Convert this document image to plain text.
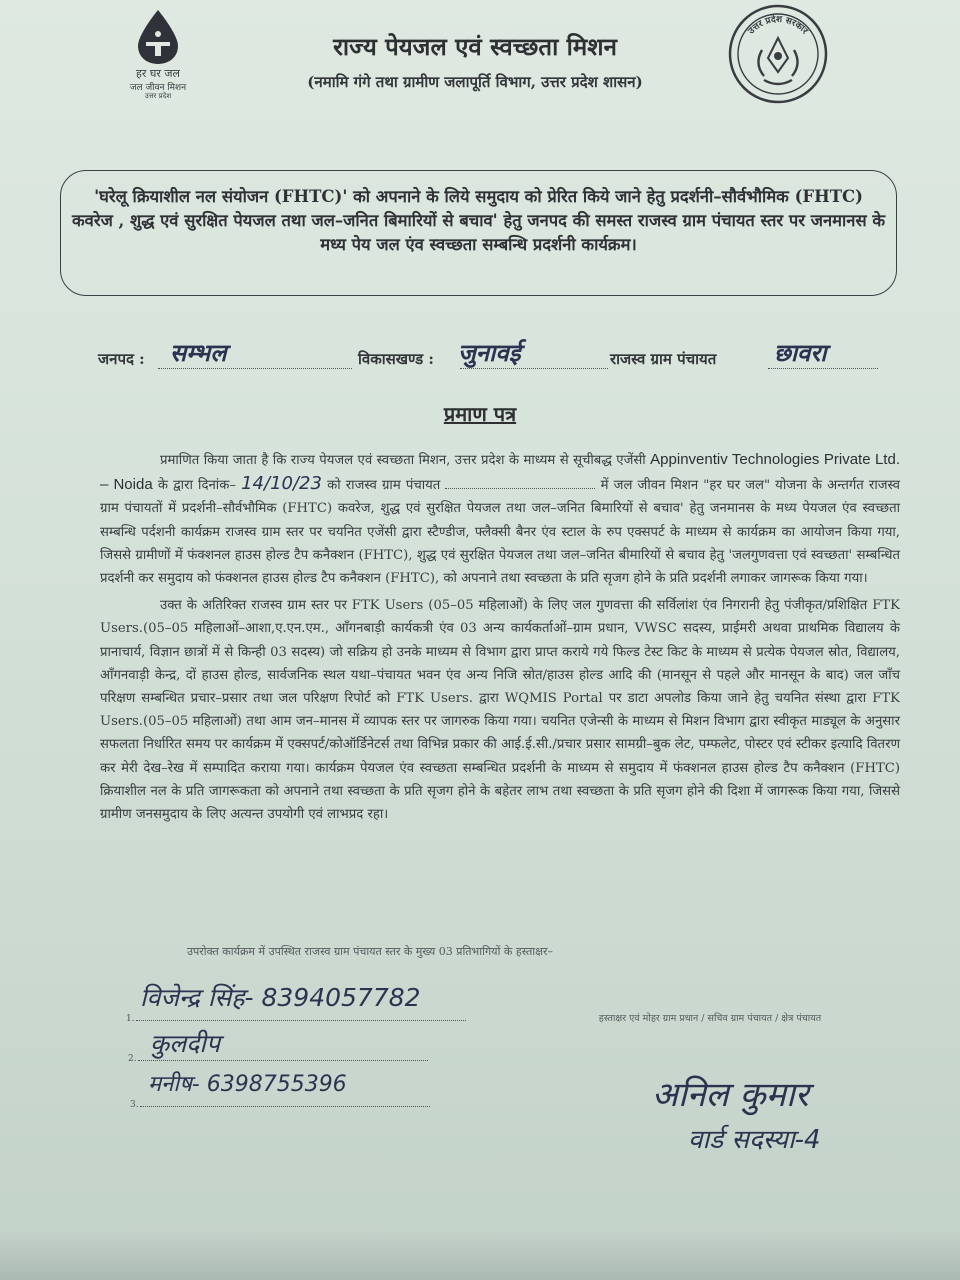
हर घर जल
जल जीवन मिशन
उत्तर प्रदेश
राज्य पेयजल एवं स्वच्छता मिशन
(नमामि गंगे तथा ग्रामीण जलापूर्ति विभाग, उत्तर प्रदेश शासन)
उत्तर प्रदेश सरकार
'घरेलू क्रियाशील नल संयोजन (FHTC)' को अपनाने के लिये समुदाय को प्रेरित किये जाने हेतु प्रदर्शनी–सौर्वभौमिक (FHTC) कवरेज , शुद्ध एवं सुरक्षित पेयजल तथा जल–जनित बिमारियों से बचाव' हेतु जनपद की समस्त राजस्व ग्राम पंचायत स्तर पर जनमानस के मध्य पेय जल एंव स्वच्छता सम्बन्धि प्रदर्शनी कार्यक्रम।
जनपद : सम्भल	विकासखण्ड : जुनावई	राजस्व ग्राम पंचायत छावरा
प्रमाण पत्र
प्रमाणित किया जाता है कि राज्य पेयजल एवं स्वच्छता मिशन, उत्तर प्रदेश के माध्यम से सूचीबद्ध एजेंसी Appinventiv Technologies Private Ltd. – Noida के द्वारा दिनांक– 14/10/23 को राजस्व ग्राम पंचायत	में जल जीवन मिशन "हर घर जल" योजना के अन्तर्गत राजस्व ग्राम पंचायतों में प्रदर्शनी–सौर्वभौमिक (FHTC) कवरेज, शुद्ध एवं सुरक्षित पेयजल तथा जल–जनित बिमारियों से बचाव' हेतु जनमानस के मध्य पेयजल एंव स्वच्छता सम्बन्धि पर्दशनी कार्यक्रम राजस्व ग्राम स्तर पर चयनित एजेंसी द्वारा स्टैण्डीज, फ्लैक्सी बैनर एंव स्टाल के रुप एक्सपर्ट के माध्यम से कार्यक्रम का आयोजन किया गया, जिससे ग्रामीणों में फंक्शनल हाउस होल्ड टैप कनैक्शन (FHTC), शुद्ध एवं सुरक्षित पेयजल तथा जल–जनित बीमारियों से बचाव हेतु 'जलगुणवत्ता एवं स्वच्छता' सम्बन्धित प्रदर्शनी कर समुदाय को फंक्शनल हाउस होल्ड टैप कनैक्शन (FHTC), को अपनाने तथा स्वच्छता के प्रति सृजग होने के प्रति प्रदर्शनी लगाकर जागरूक किया गया।
उक्त के अतिरिक्त राजस्व ग्राम स्तर पर FTK Users (05–05 महिलाओं) के लिए जल गुणवत्ता की सर्विलांश एंव निगरानी हेतु पंजीकृत/प्रशिक्षित FTK Users.(05–05 महिलाओं–आशा,ए.एन.एम., आँगनबाड़ी कार्यकत्री एंव 03 अन्य कार्यकर्ताओं–ग्राम प्रधान, VWSC सदस्य, प्राईमरी अथवा प्राथमिक विद्यालय के प्रानाचार्य, विज्ञान छात्रों में से किन्ही 03 सदस्य) जो सक्रिय हो उनके माध्यम से विभाग द्वारा प्राप्त कराये गये फिल्ड टेस्ट किट के माध्यम से प्रत्येक पेयजल स्रोत, विद्यालय, आँगनवाड़ी केन्द्र, दों हाउस होल्ड, सार्वजनिक स्थल यथा–पंचायत भवन एंव अन्य निजि स्रोत/हाउस होल्ड आदि की (मानसून से पहले और मानसून के बाद) जल जाँच परिक्षण सम्बन्धित प्रचार–प्रसार तथा जल परिक्षण रिपोर्ट को FTK Users. द्वारा WQMIS Portal पर डाटा अपलोड किया जाने हेतु चयनित संस्था द्वारा FTK Users.(05–05 महिलाओं) तथा आम जन–मानस में व्यापक स्तर पर जागरुक किया गया। चयनित एजेन्सी के माध्यम से मिशन विभाग द्वारा स्वीकृत माड्यूल के अनुसार सफलता निर्धारित समय पर कार्यक्रम में एक्सपर्ट/कोऑर्डिनेटर्स तथा विभिन्न प्रकार की आई.ई.सी./प्रचार प्रसार सामग्री–बुक लेट, पम्फलेट, पोस्टर एवं स्टीकर इत्यादि वितरण कर मेरी देख–रेख में सम्पादित कराया गया। कार्यक्रम पेयजल एंव स्वच्छता सम्बन्धित प्रदर्शनी के माध्यम से समुदाय में फंक्शनल हाउस होल्ड टैप कनैक्शन (FHTC) क्रियाशील नल के प्रति जागरूकता को अपनाने तथा स्वच्छता के प्रति सृजग होने के बहेतर लाभ तथा स्वच्छता के प्रति सृजग होने की दिशा में जागरूक किया गया, जिससे ग्रामीण जनसमुदाय के लिए अत्यन्त उपयोगी एवं लाभप्रद रहा।
उपरोक्त कार्यक्रम में उपस्थित राजस्व ग्राम पंचायत स्तर के मुख्य 03 प्रतिभागियों के हस्ताक्षर–
1.
विजेन्द्र सिंह- 8394057782
2.
कुलदीप
3.
मनीष- 6398755396
हस्ताक्षर एवं मोहर ग्राम प्रधान / सचिव ग्राम पंचायत / क्षेत्र पंचायत
अनिल कुमार
वार्ड सदस्या-4
